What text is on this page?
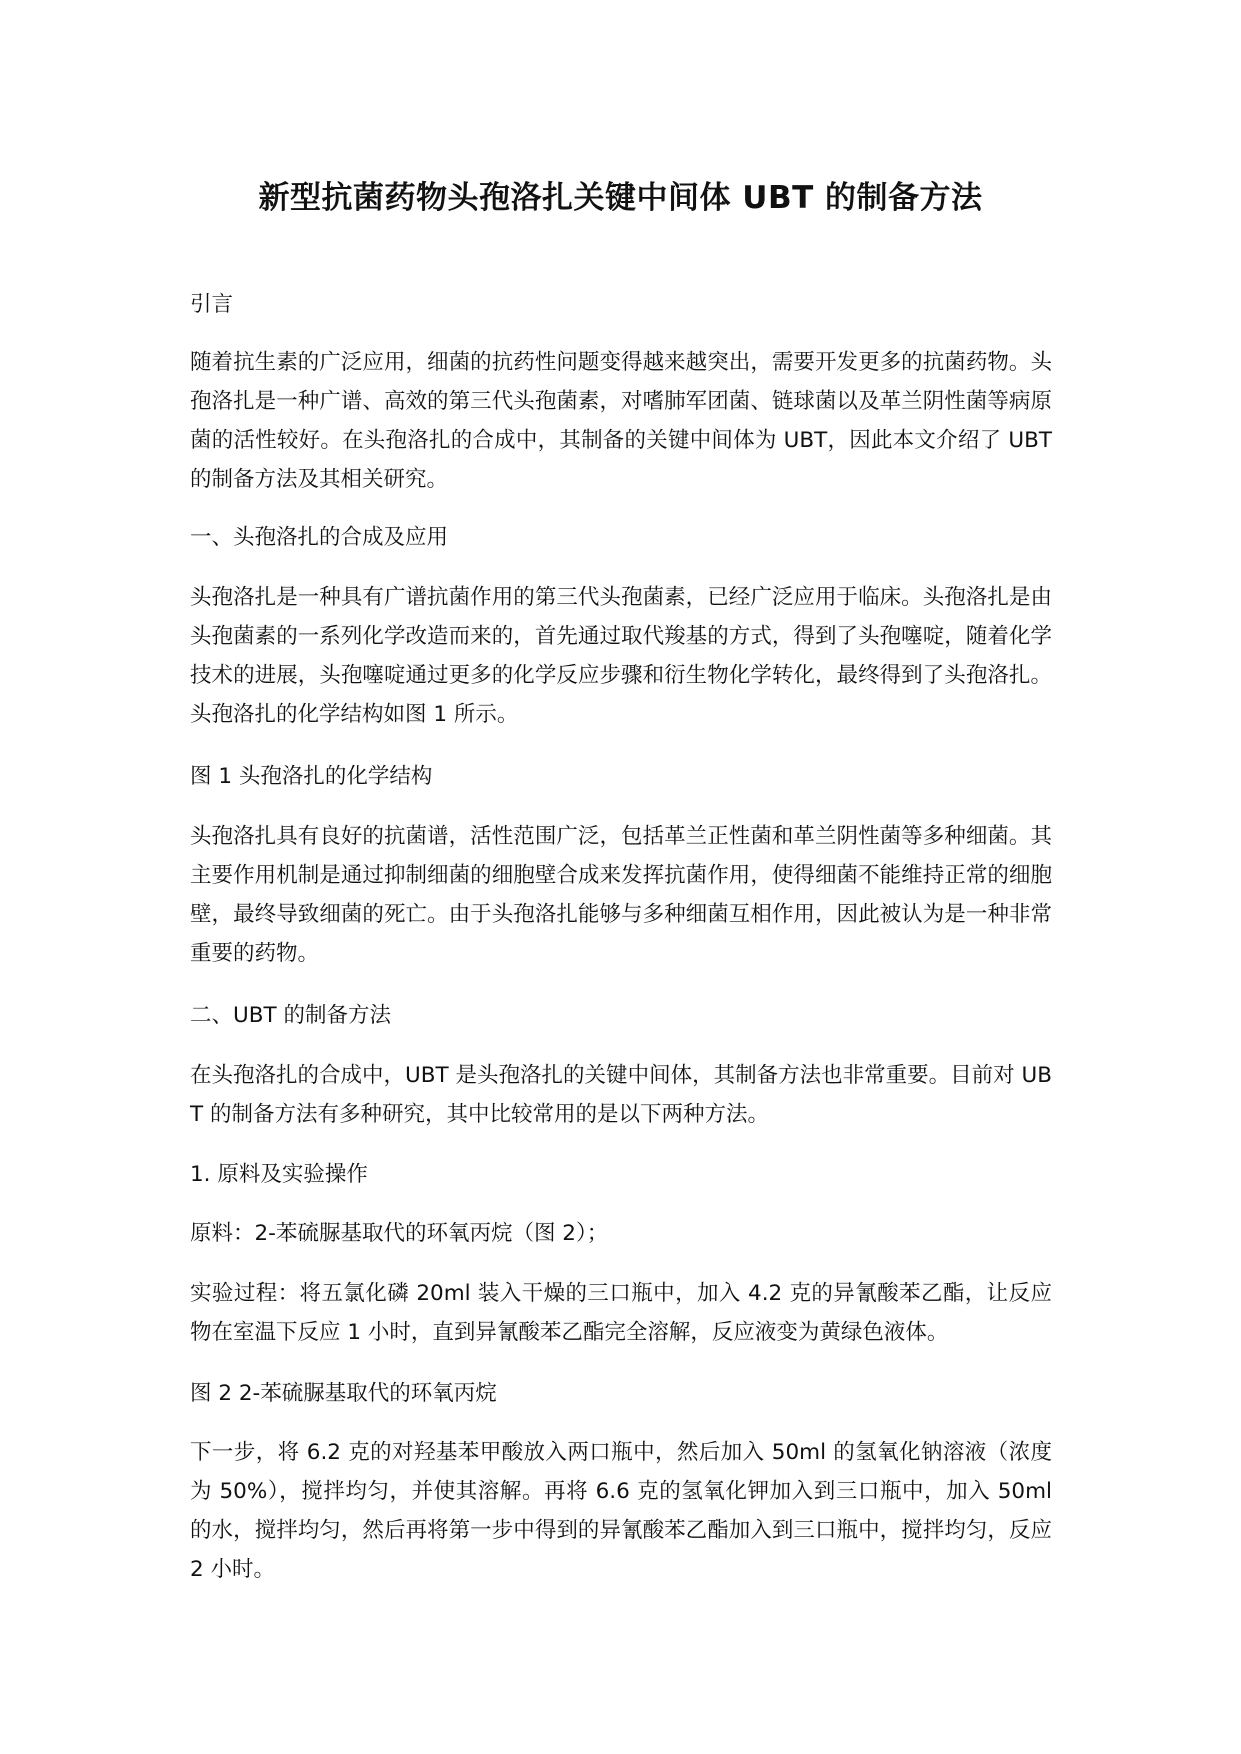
新型抗菌药物头孢洛扎关键中间体 UBT 的制备方法

引言

随着抗生素的广泛应用，细菌的抗药性问题变得越来越突出，需要开发更多的抗菌药物。头孢洛扎是一种广谱、高效的第三代头孢菌素，对嗜肺军团菌、链球菌以及革兰阴性菌等病原菌的活性较好。在头孢洛扎的合成中，其制备的关键中间体为 UBT，因此本文介绍了 UBT 的制备方法及其相关研究。

一、头孢洛扎的合成及应用

头孢洛扎是一种具有广谱抗菌作用的第三代头孢菌素，已经广泛应用于临床。头孢洛扎是由头孢菌素的一系列化学改造而来的，首先通过取代羧基的方式，得到了头孢噻啶，随着化学技术的进展，头孢噻啶通过更多的化学反应步骤和衍生物化学转化，最终得到了头孢洛扎。头孢洛扎的化学结构如图 1 所示。

图 1 头孢洛扎的化学结构

头孢洛扎具有良好的抗菌谱，活性范围广泛，包括革兰正性菌和革兰阴性菌等多种细菌。其主要作用机制是通过抑制细菌的细胞壁合成来发挥抗菌作用，使得细菌不能维持正常的细胞壁，最终导致细菌的死亡。由于头孢洛扎能够与多种细菌互相作用，因此被认为是一种非常重要的药物。

二、UBT 的制备方法

在头孢洛扎的合成中，UBT 是头孢洛扎的关键中间体，其制备方法也非常重要。目前对 UBT 的制备方法有多种研究，其中比较常用的是以下两种方法。

1. 原料及实验操作

原料：2-苯硫脲基取代的环氧丙烷（图 2）；

实验过程：将五氯化磷 20ml 装入干燥的三口瓶中，加入 4.2 克的异氰酸苯乙酯，让反应物在室温下反应 1 小时，直到异氰酸苯乙酯完全溶解，反应液变为黄绿色液体。

图 2 2-苯硫脲基取代的环氧丙烷

下一步，将 6.2 克的对羟基苯甲酸放入两口瓶中，然后加入 50ml 的氢氧化钠溶液（浓度为 50%），搅拌均匀，并使其溶解。再将 6.6 克的氢氧化钾加入到三口瓶中，加入 50ml 的水，搅拌均匀，然后再将第一步中得到的异氰酸苯乙酯加入到三口瓶中，搅拌均匀，反应 2 小时。
